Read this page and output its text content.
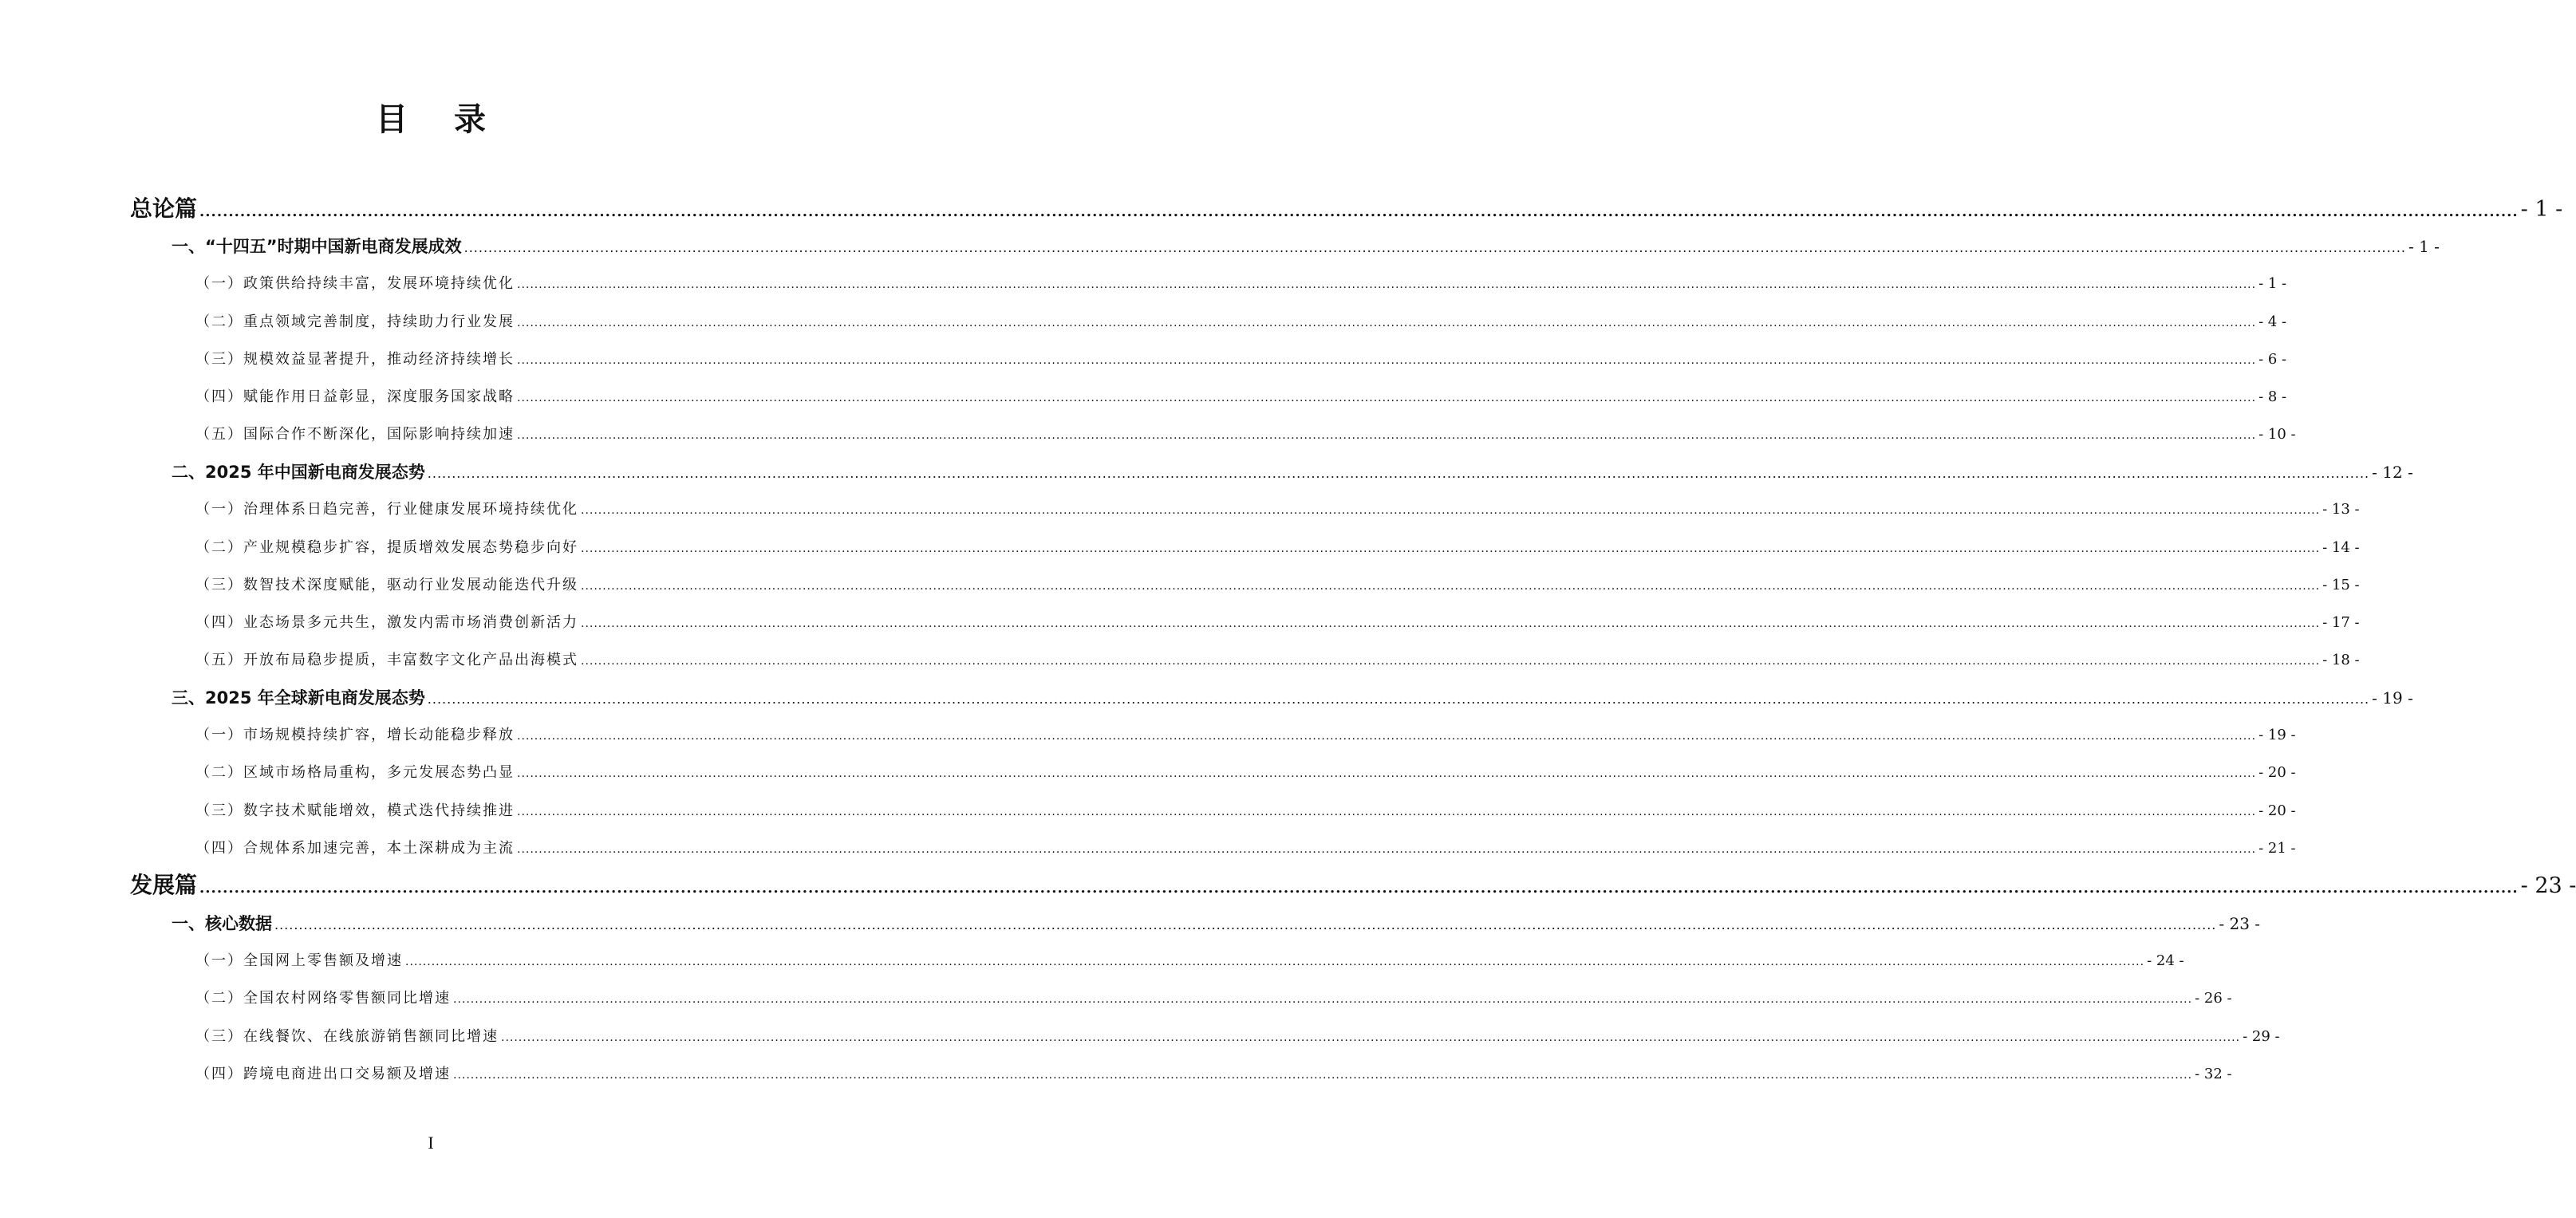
目 录
总论篇 ................................................................................................................................................................................................................................................................................................................................................................................................................ - 1 -
一、“十四五”时期中国新电商发展成效 ................................................................................................................................................................................................................................................................................................................................................................................................................ - 1 -
（一）政策供给持续丰富，发展环境持续优化 ................................................................................................................................................................................................................................................................................................................................................................................................................ - 1 -
（二）重点领域完善制度，持续助力行业发展 ................................................................................................................................................................................................................................................................................................................................................................................................................ - 4 -
（三）规模效益显著提升，推动经济持续增长 ................................................................................................................................................................................................................................................................................................................................................................................................................ - 6 -
（四）赋能作用日益彰显，深度服务国家战略 ................................................................................................................................................................................................................................................................................................................................................................................................................ - 8 -
（五）国际合作不断深化，国际影响持续加速 ................................................................................................................................................................................................................................................................................................................................................................................................................ - 10 -
二、2025 年中国新电商发展态势 ................................................................................................................................................................................................................................................................................................................................................................................................................ - 12 -
（一）治理体系日趋完善，行业健康发展环境持续优化 ................................................................................................................................................................................................................................................................................................................................................................................................................ - 13 -
（二）产业规模稳步扩容，提质增效发展态势稳步向好 ................................................................................................................................................................................................................................................................................................................................................................................................................ - 14 -
（三）数智技术深度赋能，驱动行业发展动能迭代升级 ................................................................................................................................................................................................................................................................................................................................................................................................................ - 15 -
（四）业态场景多元共生，激发内需市场消费创新活力 ................................................................................................................................................................................................................................................................................................................................................................................................................ - 17 -
（五）开放布局稳步提质，丰富数字文化产品出海模式 ................................................................................................................................................................................................................................................................................................................................................................................................................ - 18 -
三、2025 年全球新电商发展态势 ................................................................................................................................................................................................................................................................................................................................................................................................................ - 19 -
（一）市场规模持续扩容，增长动能稳步释放 ................................................................................................................................................................................................................................................................................................................................................................................................................ - 19 -
（二）区域市场格局重构，多元发展态势凸显 ................................................................................................................................................................................................................................................................................................................................................................................................................ - 20 -
（三）数字技术赋能增效，模式迭代持续推进 ................................................................................................................................................................................................................................................................................................................................................................................................................ - 20 -
（四）合规体系加速完善，本土深耕成为主流 ................................................................................................................................................................................................................................................................................................................................................................................................................ - 21 -
发展篇 ................................................................................................................................................................................................................................................................................................................................................................................................................ - 23 -
一、核心数据 ................................................................................................................................................................................................................................................................................................................................................................................................................ - 23 -
（一）全国网上零售额及增速 ................................................................................................................................................................................................................................................................................................................................................................................................................ - 24 -
（二）全国农村网络零售额同比增速 ................................................................................................................................................................................................................................................................................................................................................................................................................ - 26 -
（三）在线餐饮、在线旅游销售额同比增速 ................................................................................................................................................................................................................................................................................................................................................................................................................ - 29 -
（四）跨境电商进出口交易额及增速 ................................................................................................................................................................................................................................................................................................................................................................................................................ - 32 -
I
